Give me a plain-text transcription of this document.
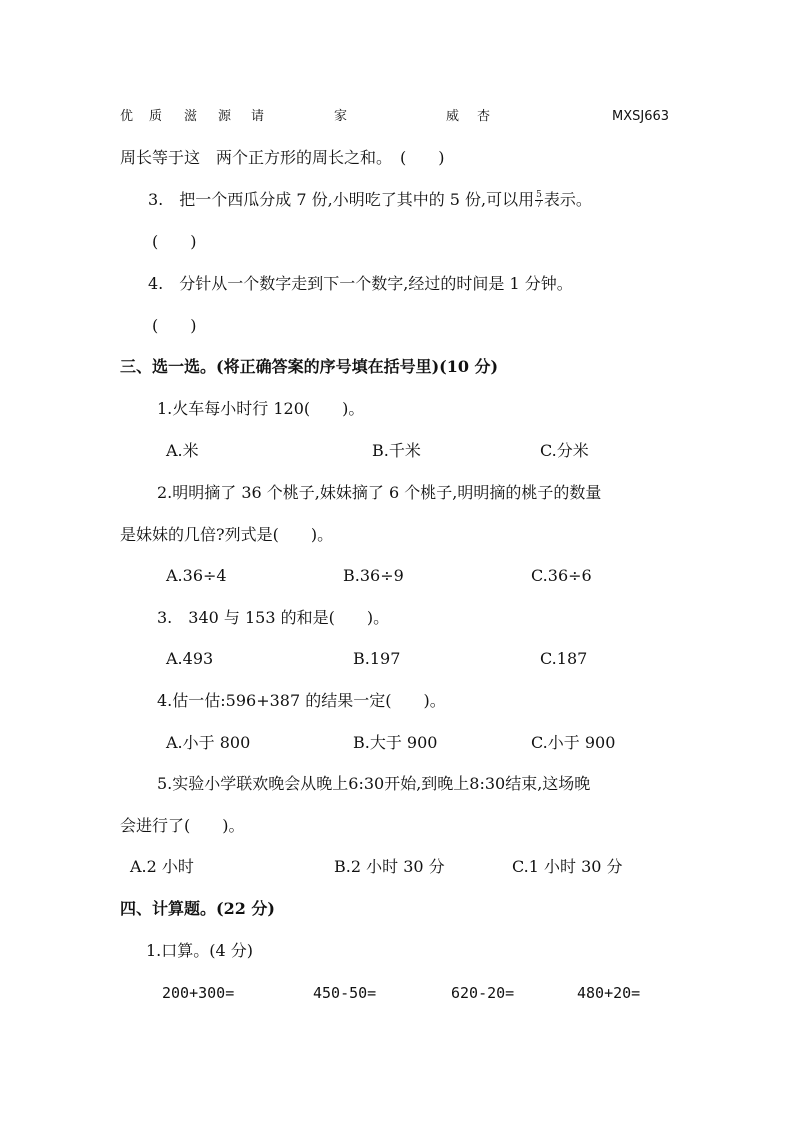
优 质 滋 源 请	家	威 杏	MXSJ663
周长等于这　两个正方形的周长之和。　(　　)
3.　把一个西瓜分成 7 份,小明吃了其中的 5 份,可以用 $\frac{5}{7}$ 表示。
(　　)
4.　分针从一个数字走到下一个数字,经过的时间是 1 分钟。
(　　)
三、选一选。(将正确答案的序号填在括号里)(10 分)
1.火车每小时行 120(　　)。
A.米	B.千米	C.分米
2.明明摘了 36 个桃子,妹妹摘了 6 个桃子,明明摘的桃子的数量
是妹妹的几倍?列式是(　　)。
A.36÷4	B.36÷9	C.36÷6
3.　340 与 153 的和是(　　)。
A.493	B.197	C.187
4.估一估:596+387 的结果一定(　　)。
A.小于 800	B.大于 900	C.小于 900
5.实验小学联欢晚会从晚上6:30开始,到晚上8:30结束,这场晚
会进行了(　　)。
A.2 小时	B.2 小时 30 分	C.1 小时 30 分
四、计算题。(22 分)
1.口算。(4 分)
200+300=	450-50=	620-20=	480+20=
